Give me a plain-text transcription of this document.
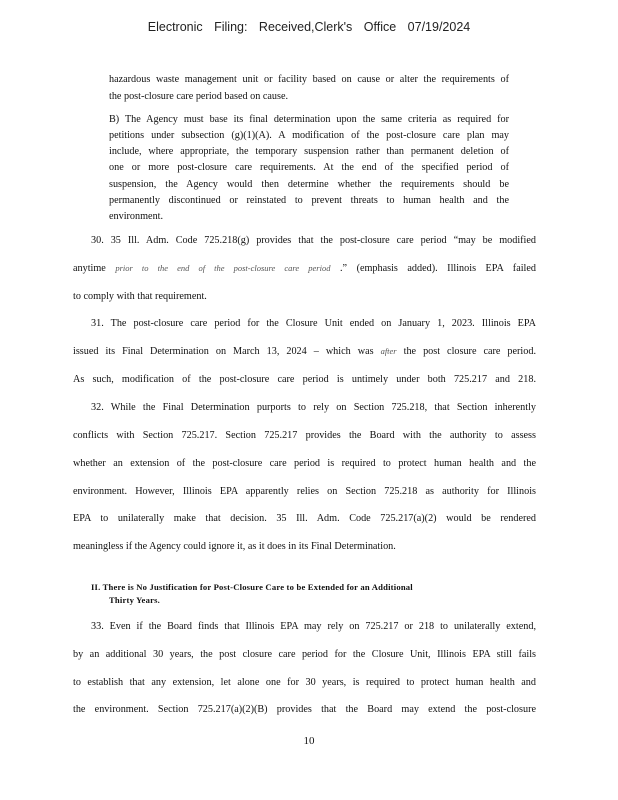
Electronic Filing: Received,Clerk's Office 07/19/2024
hazardous waste management unit or facility based on cause or alter the requirements of
the post-closure care period based on cause.
B) The Agency must base its final determination upon the same criteria as required for
petitions under subsection (g)(1)(A). A modification of the post-closure care plan may
include, where appropriate, the temporary suspension rather than permanent deletion of
one or more post-closure care requirements. At the end of the specified period of
suspension, the Agency would then determine whether the requirements should be
permanently discontinued or reinstated to prevent threats to human health and the
environment.
30. 35 Ill. Adm. Code 725.218(g) provides that the post-closure care period “may be modified
anytime prior to the end of the post-closure care period .” (emphasis added). Illinois EPA failed
to comply with that requirement.
31. The post-closure care period for the Closure Unit ended on January 1, 2023. Illinois EPA
issued its Final Determination on March 13, 2024 – which was after the post closure care period.
As such, modification of the post-closure care period is untimely under both 725.217 and 218.
32. While the Final Determination purports to rely on Section 725.218, that Section inherently
conflicts with Section 725.217. Section 725.217 provides the Board with the authority to assess
whether an extension of the post-closure care period is required to protect human health and the
environment. However, Illinois EPA apparently relies on Section 725.218 as authority for Illinois
EPA to unilaterally make that decision. 35 Ill. Adm. Code 725.217(a)(2) would be rendered
meaningless if the Agency could ignore it, as it does in its Final Determination.
II. There is No Justification for Post-Closure Care to be Extended for an Additional
Thirty Years.
33. Even if the Board finds that Illinois EPA may rely on 725.217 or 218 to unilaterally extend,
by an additional 30 years, the post closure care period for the Closure Unit, Illinois EPA still fails
to establish that any extension, let alone one for 30 years, is required to protect human health and
the environment. Section 725.217(a)(2)(B) provides that the Board may extend the post-closure
10
